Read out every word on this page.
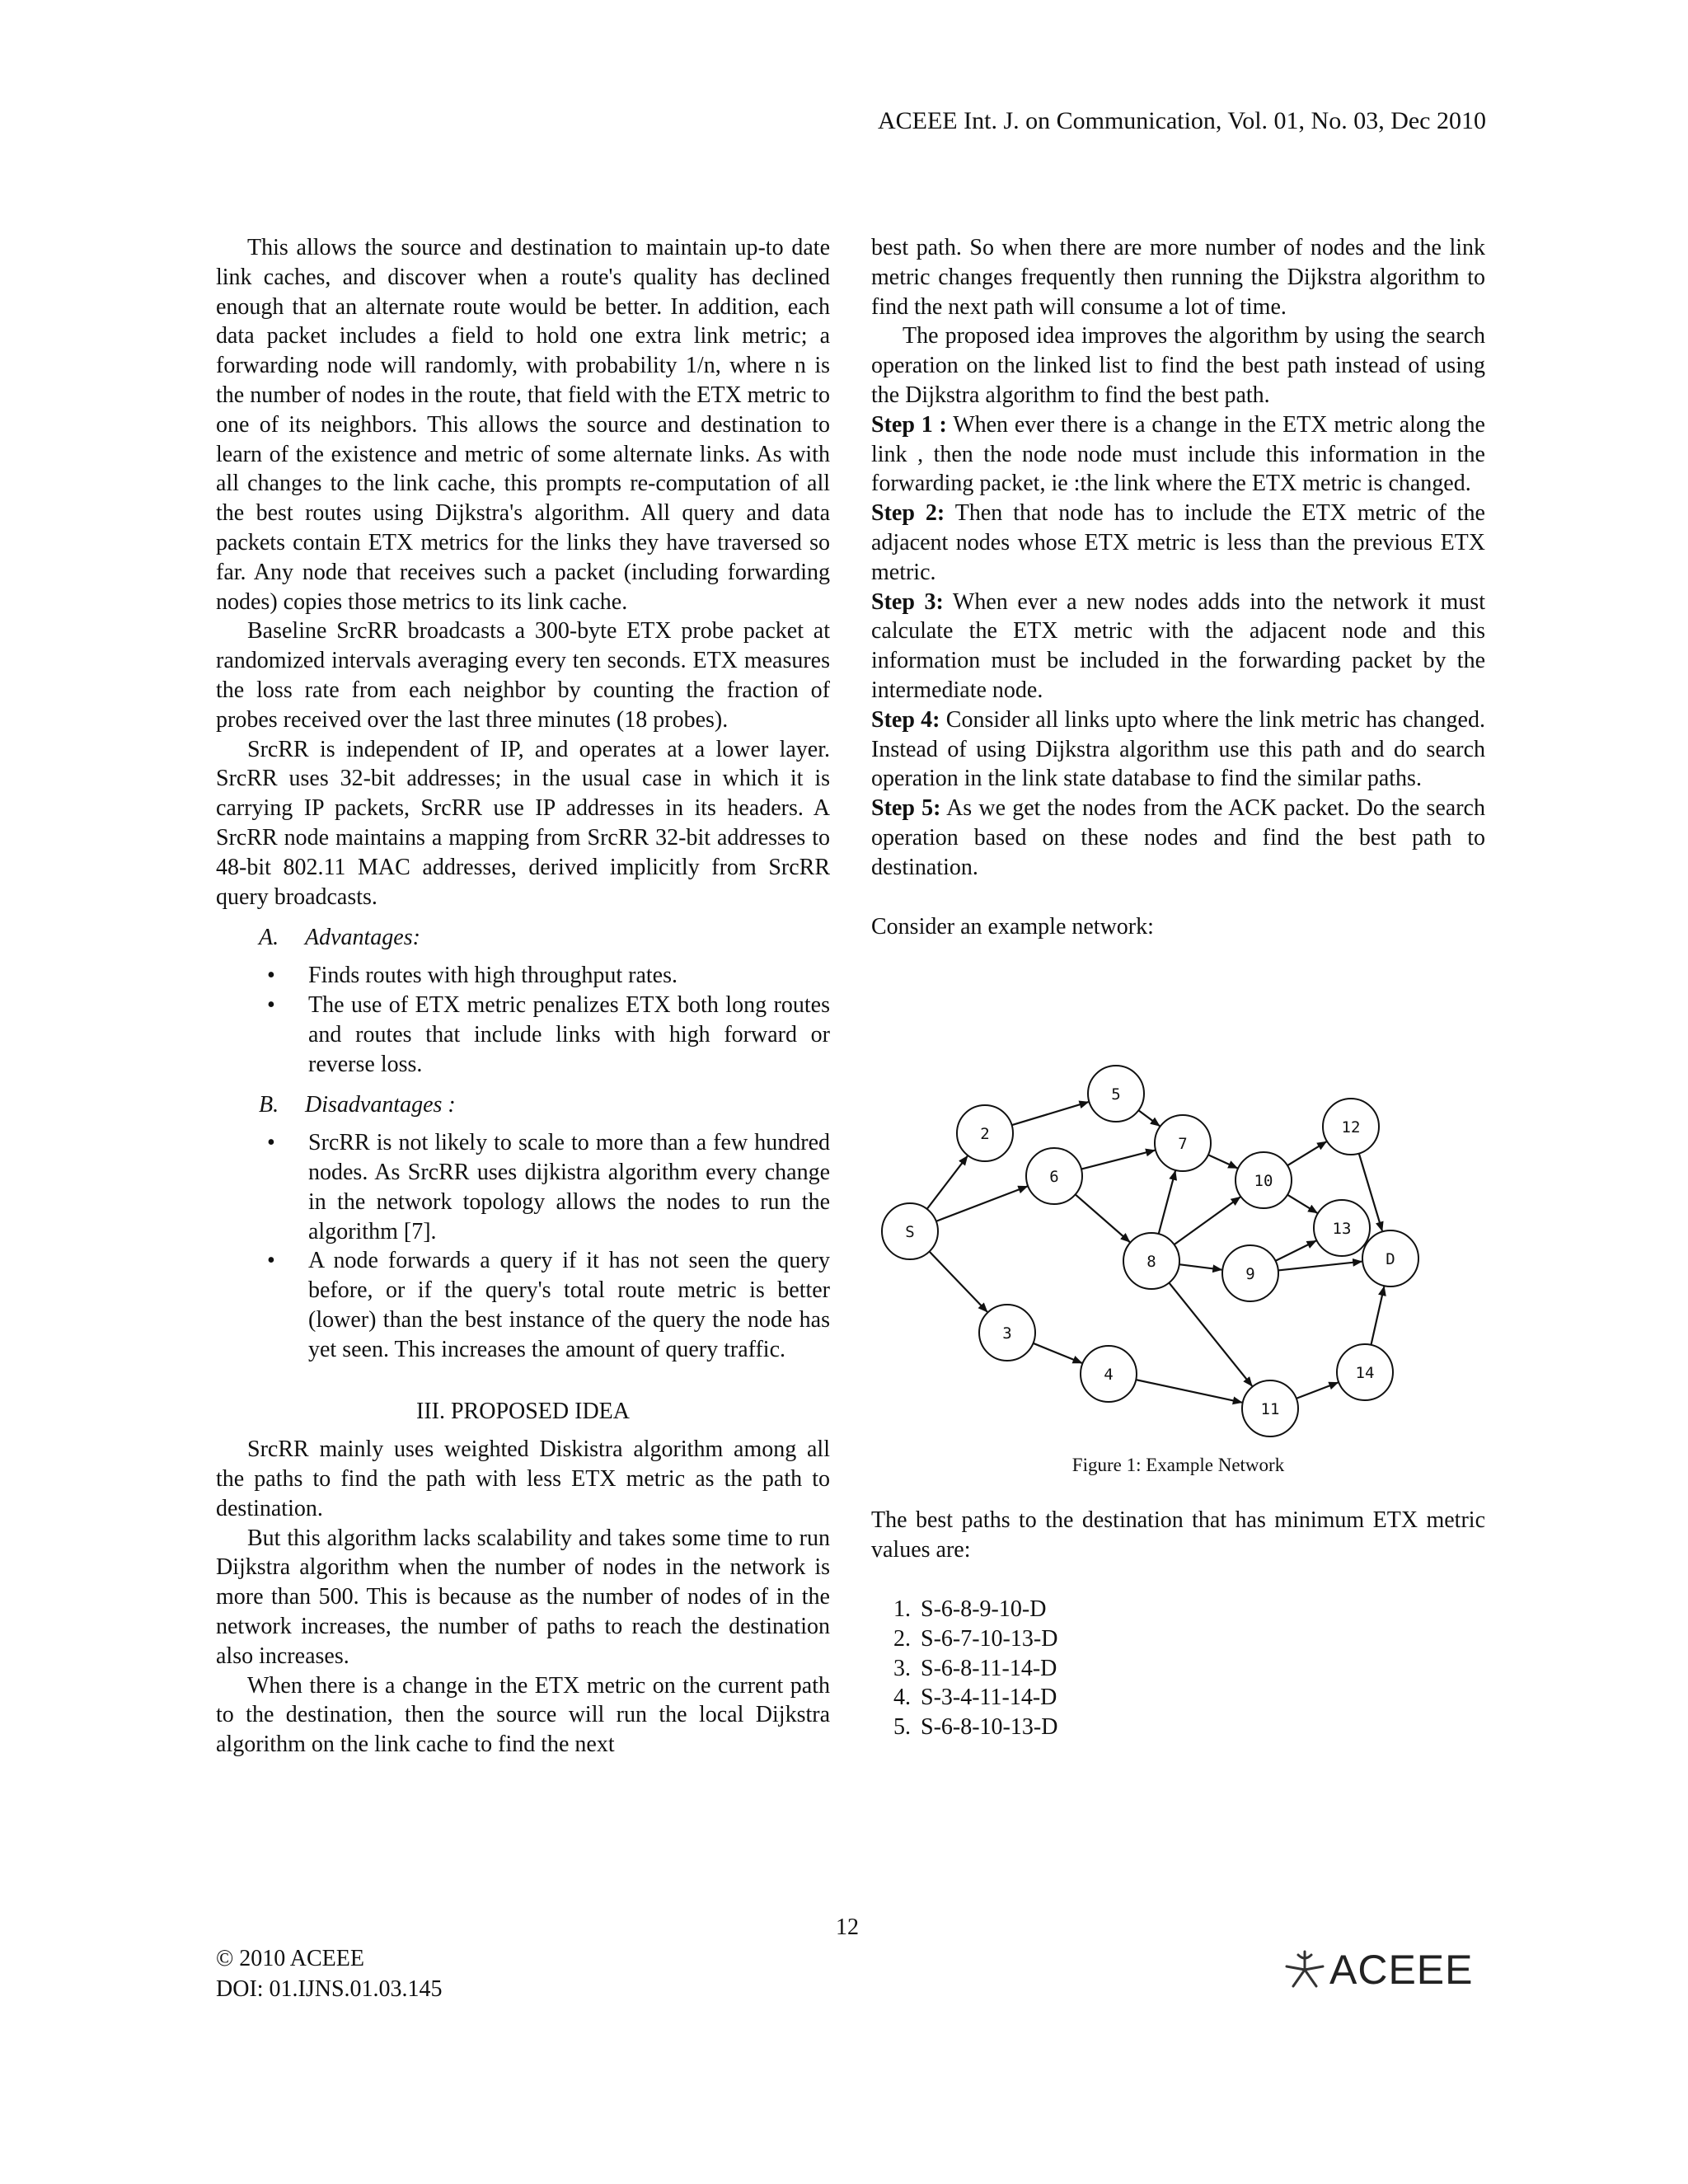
ACEEE Int. J. on Communication, Vol. 01, No. 03, Dec 2010

This allows the source and destination to maintain up-to date link caches, and discover when a route's quality has declined enough that an alternate route would be better. In addition, each data packet includes a field to hold one extra link metric; a forwarding node will randomly, with probability 1/n, where n is the number of nodes in the route, that field with the ETX metric to one of its neighbors. This allows the source and destination to learn of the existence and metric of some alternate links. As with all changes to the link cache, this prompts re-computation of all the best routes using Dijkstra's algorithm. All query and data packets contain ETX metrics for the links they have traversed so far. Any node that receives such a packet (including forwarding nodes) copies those metrics to its link cache.

Baseline SrcRR broadcasts a 300-byte ETX probe packet at randomized intervals averaging every ten seconds. ETX measures the loss rate from each neighbor by counting the fraction of probes received over the last three minutes (18 probes).

SrcRR is independent of IP, and operates at a lower layer. SrcRR uses 32-bit addresses; in the usual case in which it is carrying IP packets, SrcRR use IP addresses in its headers. A SrcRR node maintains a mapping from SrcRR 32-bit addresses to 48-bit 802.11 MAC addresses, derived implicitly from SrcRR query broadcasts.

A. Advantages:
• Finds routes with high throughput rates.
• The use of ETX metric penalizes ETX both long routes and routes that include links with high forward or reverse loss.
B. Disadvantages :
• SrcRR is not likely to scale to more than a few hundred nodes. As SrcRR uses dijkistra algorithm every change in the network topology allows the nodes to run the algorithm [7].
• A node forwards a query if it has not seen the query before, or if the query's total route metric is better (lower) than the best instance of the query the node has yet seen. This increases the amount of query traffic.
III. PROPOSED IDEA

SrcRR mainly uses weighted Diskistra algorithm among all the paths to find the path with less ETX metric as the path to destination.

But this algorithm lacks scalability and takes some time to run Dijkstra algorithm when the number of nodes in the network is more than 500. This is because as the number of nodes of in the network increases, the number of paths to reach the destination also increases.

When there is a change in the ETX metric on the current path to the destination, then the source will run the local Dijkstra algorithm on the link cache to find the next

best path. So when there are more number of nodes and the link metric changes frequently then running the Dijkstra algorithm to find the next path will consume a lot of time.

The proposed idea improves the algorithm by using the search operation on the linked list to find the best path instead of using the Dijkstra algorithm to find the best path.

Step 1 : When ever there is a change in the ETX metric along the link , then the node node must include this information in the forwarding packet, ie :the link where the ETX metric is changed.

Step 2: Then that node has to include the ETX metric of the adjacent nodes whose ETX metric is less than the previous ETX metric.

Step 3: When ever a new nodes adds into the network it must calculate the ETX metric with the adjacent node and this information must be included in the forwarding packet by the intermediate node.

Step 4: Consider all links upto where the link metric has changed. Instead of using Dijkstra algorithm use this path and do search operation in the link state database to find the similar paths.

Step 5: As we get the nodes from the ACK packet. Do the search operation based on these nodes and find the best path to destination.

Consider an example network:

S
2
3
4
5
6
7
8
9
10
11
12
13
14
D
Figure 1: Example Network

The best paths to the destination that has minimum ETX metric values are:

1. S-6-8-9-10-D
2. S-6-7-10-13-D
3. S-6-8-11-14-D
4. S-3-4-11-14-D
5. S-6-8-10-13-D
12
© 2010 ACEEE
DOI: 01.IJNS.01.03.145	ACEEE
